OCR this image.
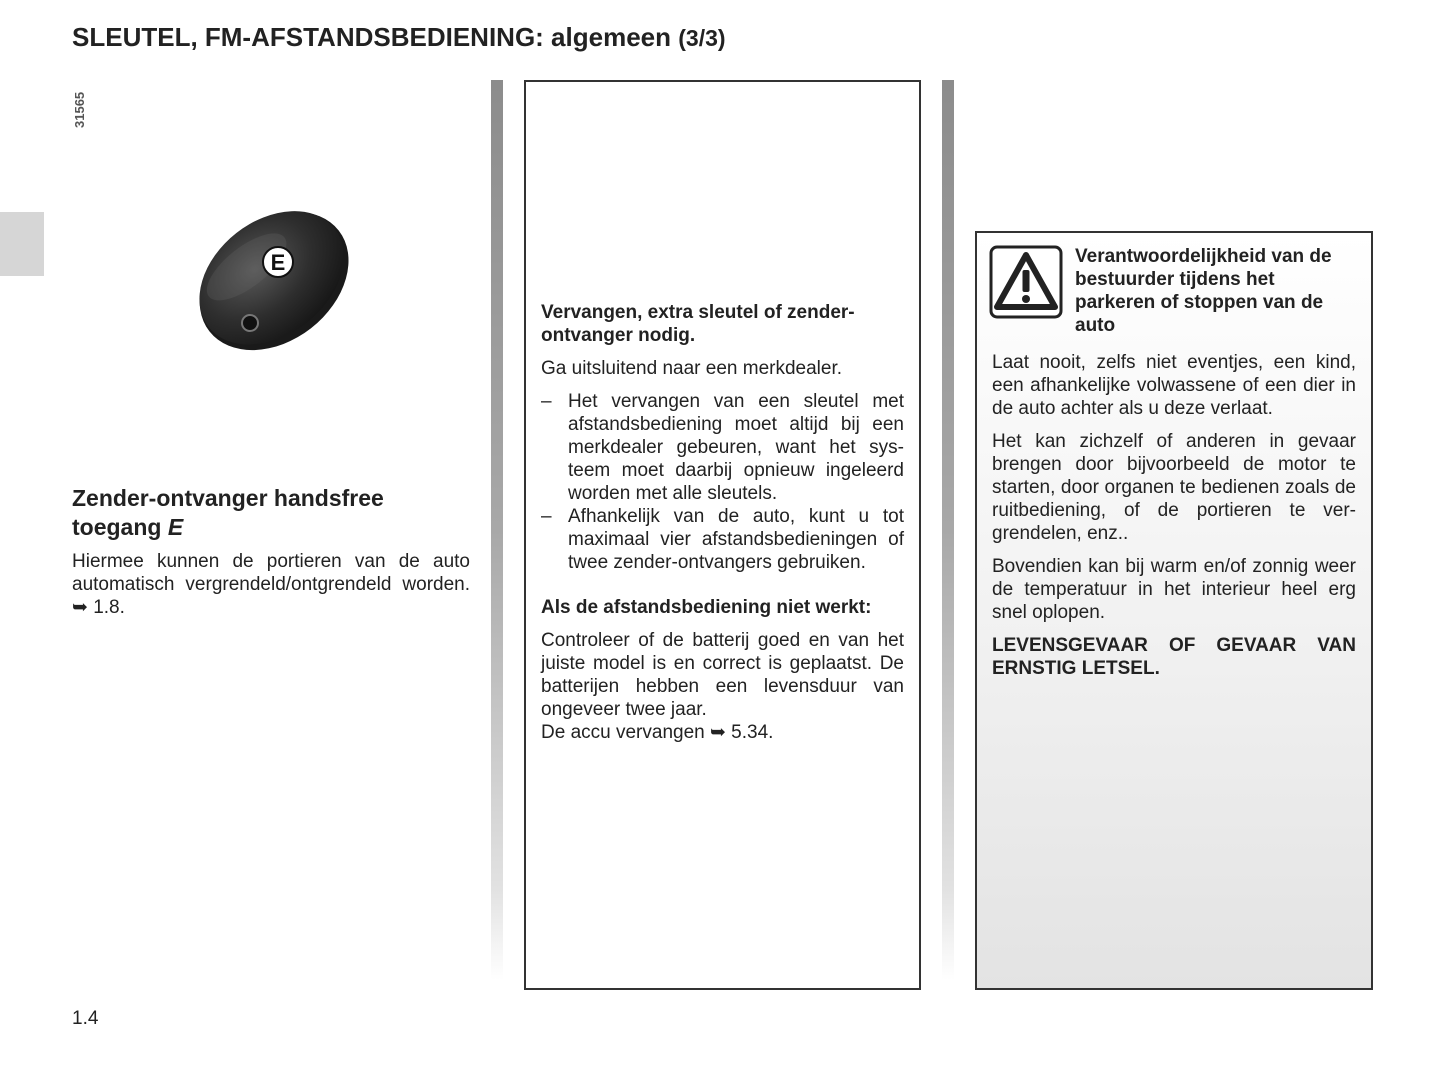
SLEUTEL, FM-AFSTANDSBEDIENING: algemeen (3/3)
31565
E
Zender-ontvanger handsfree toegang E

Hiermee kunnen de portieren van de auto automatisch vergrendeld/ontgrendeld worden. ➥ 1.8.

Vervangen, extra sleutel of zender-ontvanger nodig.

Ga uitsluitend naar een merkdealer.

– Het vervangen van een sleutel met afstandsbediening moet altijd bij een merkdealer gebeuren, want het systeem moet daarbij opnieuw ingeleerd worden met alle sleutels.
– Afhankelijk van de auto, kunt u tot maximaal vier afstandsbedieningen of twee zender-ontvangers gebruiken.

Als de afstandsbediening niet werkt:

Controleer of de batterij goed en van het juiste model is en correct is geplaatst. De batterijen hebben een levensduur van ongeveer twee jaar.

De accu vervangen ➥ 5.34.

Verantwoordelijkheid van de bestuurder tijdens het parkeren of stoppen van de auto

Laat nooit, zelfs niet eventjes, een kind, een afhankelijke volwassene of een dier in de auto achter als u deze verlaat.

Het kan zichzelf of anderen in gevaar brengen door bijvoorbeeld de motor te starten, door organen te bedienen zoals de ruitbediening, of de portieren te vergrendelen, enz..

Bovendien kan bij warm en/of zonnig weer de temperatuur in het interieur heel erg snel oplopen.

LEVENSGEVAAR OF GEVAAR VAN ERNSTIG LETSEL.

1.4
